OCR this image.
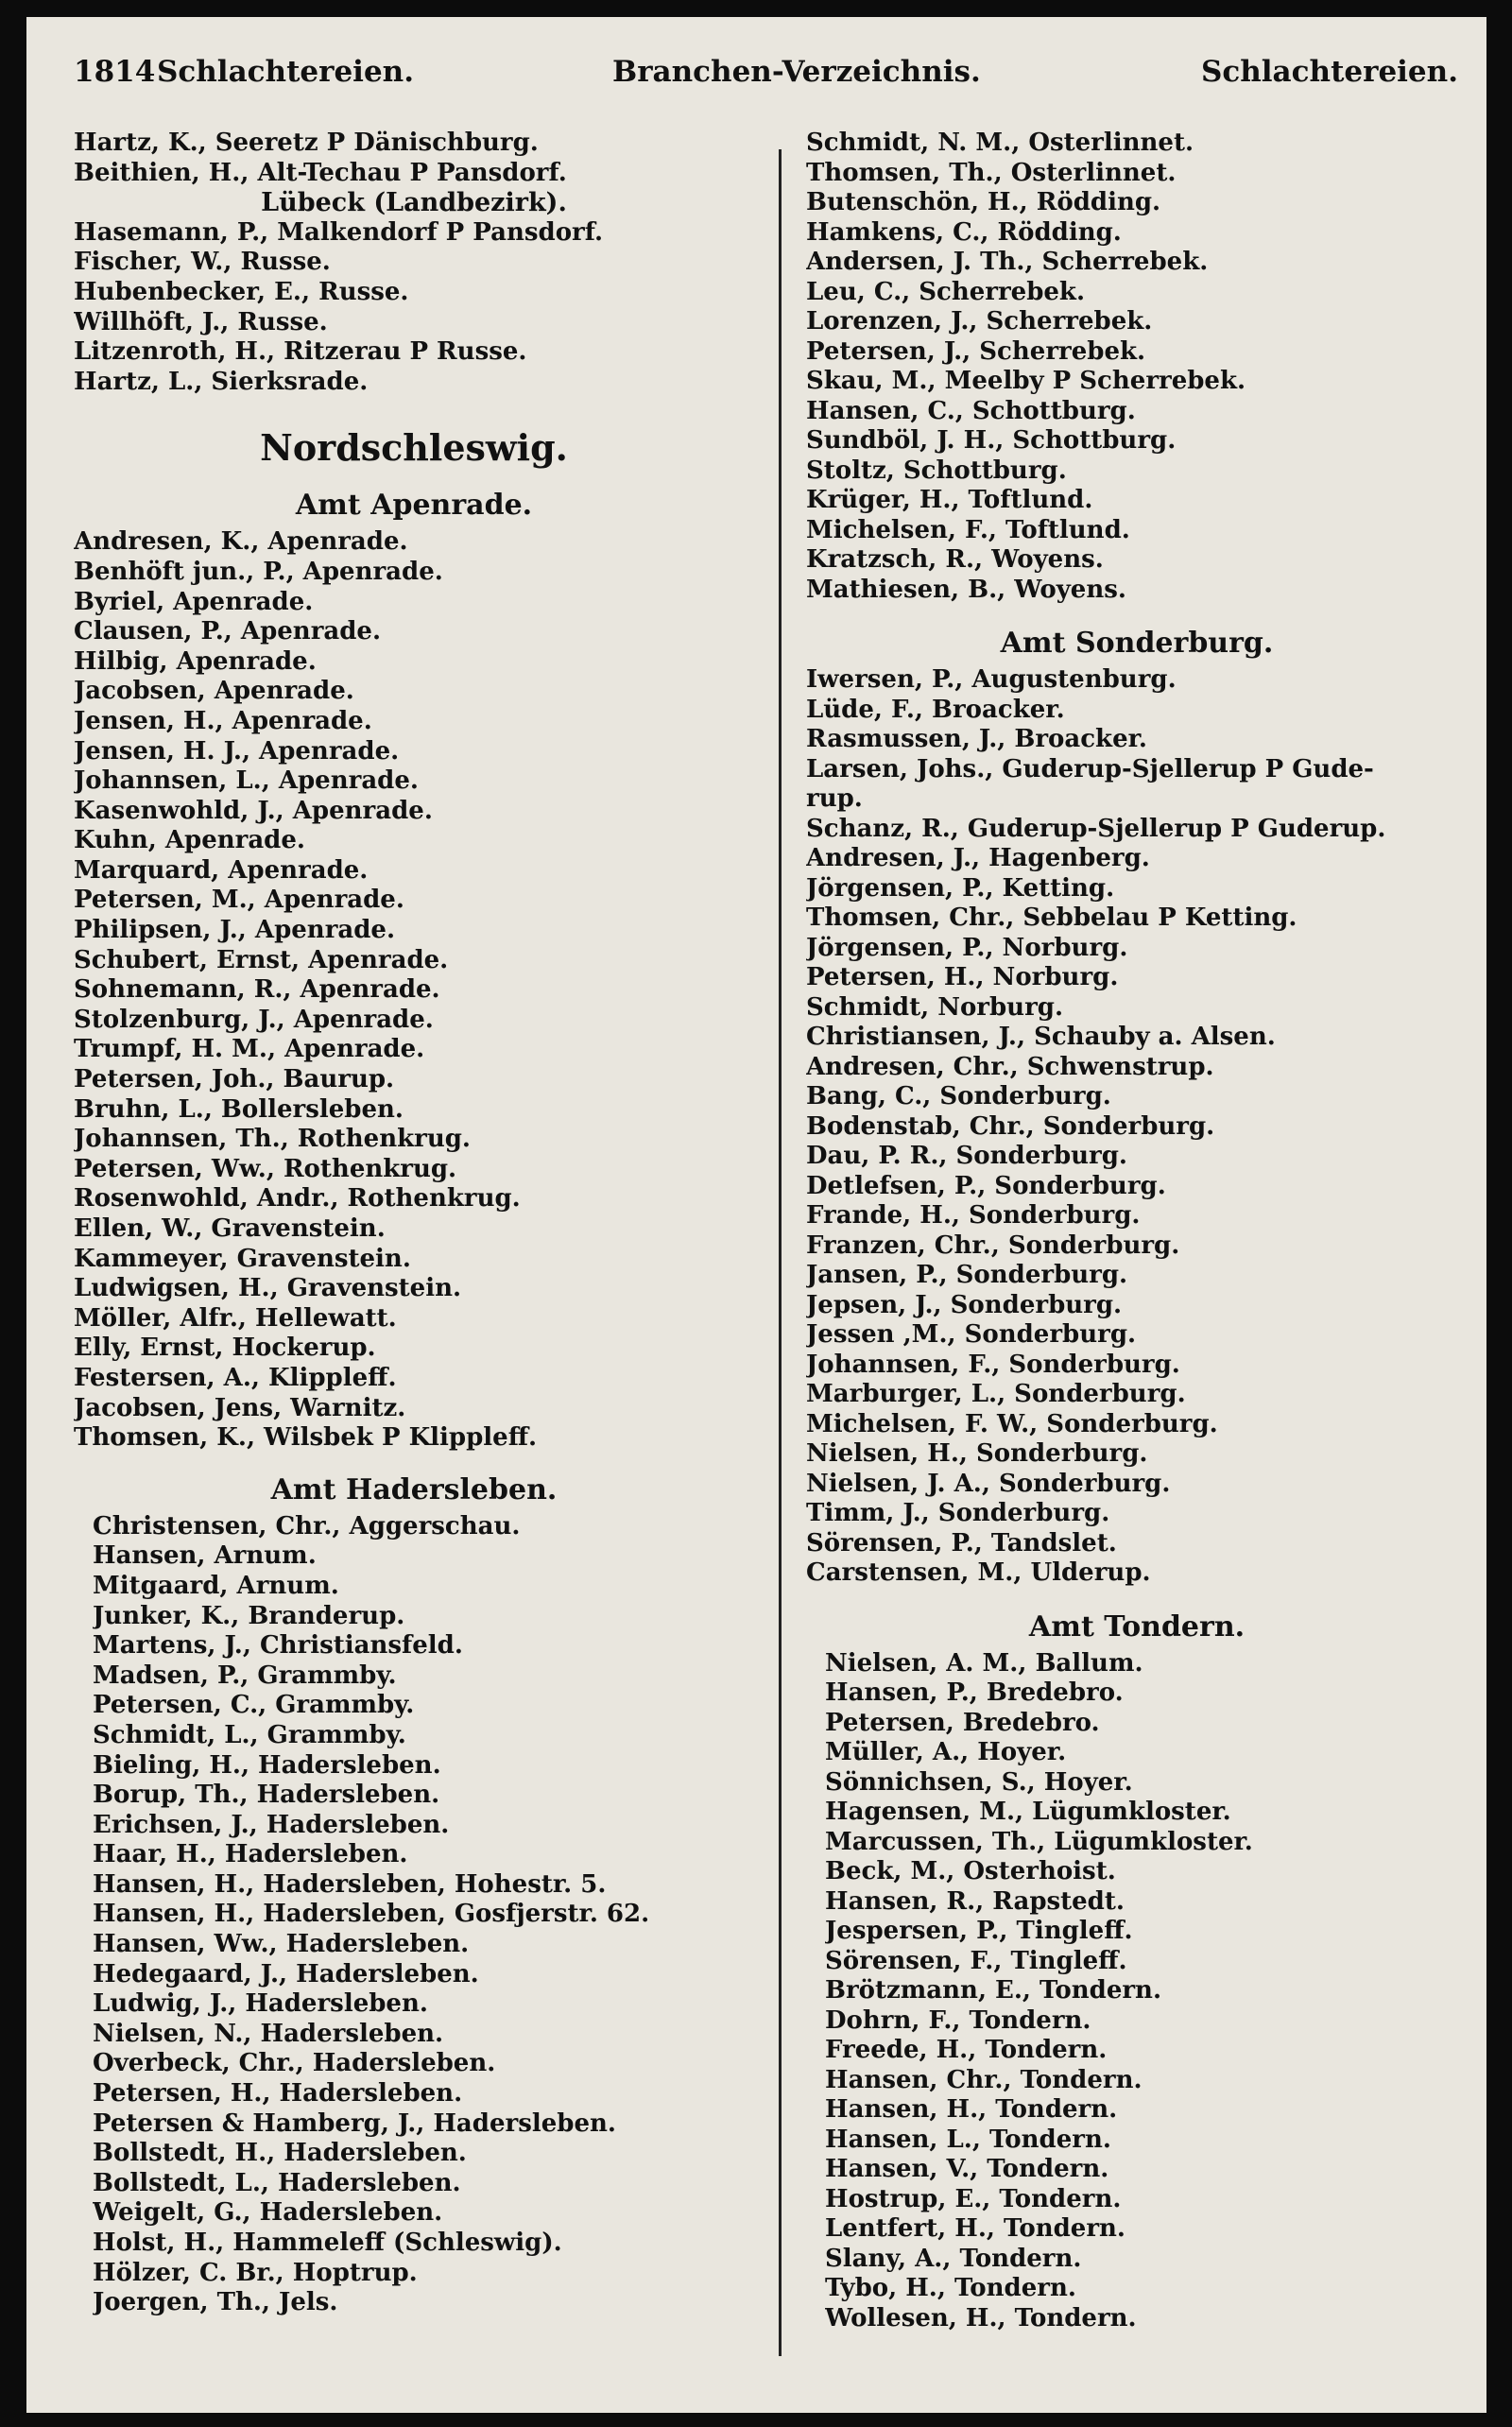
1814 Schlachtereien.	Branchen-Verzeichnis.	Schlachtereien.
Hartz, K., Seeretz P Dänischburg.
Beithien, H., Alt-Techau P Pansdorf.
Lübeck (Landbezirk).
Hasemann, P., Malkendorf P Pansdorf.
Fischer, W., Russe.
Hubenbecker, E., Russe.
Willhöft, J., Russe.
Litzenroth, H., Ritzerau P Russe.
Hartz, L., Sierksrade.
Nordschleswig.
Amt Apenrade.
Andresen, K., Apenrade.
Benhöft jun., P., Apenrade.
Byriel, Apenrade.
Clausen, P., Apenrade.
Hilbig, Apenrade.
Jacobsen, Apenrade.
Jensen, H., Apenrade.
Jensen, H. J., Apenrade.
Johannsen, L., Apenrade.
Kasenwohld, J., Apenrade.
Kuhn, Apenrade.
Marquard, Apenrade.
Petersen, M., Apenrade.
Philipsen, J., Apenrade.
Schubert, Ernst, Apenrade.
Sohnemann, R., Apenrade.
Stolzenburg, J., Apenrade.
Trumpf, H. M., Apenrade.
Petersen, Joh., Baurup.
Bruhn, L., Bollersleben.
Johannsen, Th., Rothenkrug.
Petersen, Ww., Rothenkrug.
Rosenwohld, Andr., Rothenkrug.
Ellen, W., Gravenstein.
Kammeyer, Gravenstein.
Ludwigsen, H., Gravenstein.
Möller, Alfr., Hellewatt.
Elly, Ernst, Hockerup.
Festersen, A., Klippleff.
Jacobsen, Jens, Warnitz.
Thomsen, K., Wilsbek P Klippleff.
Amt Hadersleben.
Christensen, Chr., Aggerschau.
Hansen, Arnum.
Mitgaard, Arnum.
Junker, K., Branderup.
Martens, J., Christiansfeld.
Madsen, P., Grammby.
Petersen, C., Grammby.
Schmidt, L., Grammby.
Bieling, H., Hadersleben.
Borup, Th., Hadersleben.
Erichsen, J., Hadersleben.
Haar, H., Hadersleben.
Hansen, H., Hadersleben, Hohestr. 5.
Hansen, H., Hadersleben, Gosfjerstr. 62.
Hansen, Ww., Hadersleben.
Hedegaard, J., Hadersleben.
Ludwig, J., Hadersleben.
Nielsen, N., Hadersleben.
Overbeck, Chr., Hadersleben.
Petersen, H., Hadersleben.
Petersen & Hamberg, J., Hadersleben.
Bollstedt, H., Hadersleben.
Bollstedt, L., Hadersleben.
Weigelt, G., Hadersleben.
Holst, H., Hammeleff (Schleswig).
Hölzer, C. Br., Hoptrup.
Joergen, Th., Jels.
Schmidt, N. M., Osterlinnet.
Thomsen, Th., Osterlinnet.
Butenschön, H., Rödding.
Hamkens, C., Rödding.
Andersen, J. Th., Scherrebek.
Leu, C., Scherrebek.
Lorenzen, J., Scherrebek.
Petersen, J., Scherrebek.
Skau, M., Meelby P Scherrebek.
Hansen, C., Schottburg.
Sundböl, J. H., Schottburg.
Stoltz, Schottburg.
Krüger, H., Toftlund.
Michelsen, F., Toftlund.
Kratzsch, R., Woyens.
Mathiesen, B., Woyens.
Amt Sonderburg.
Iwersen, P., Augustenburg.
Lüde, F., Broacker.
Rasmussen, J., Broacker.
Larsen, Johs., Guderup-Sjellerup P Gude-
rup.
Schanz, R., Guderup-Sjellerup P Guderup.
Andresen, J., Hagenberg.
Jörgensen, P., Ketting.
Thomsen, Chr., Sebbelau P Ketting.
Jörgensen, P., Norburg.
Petersen, H., Norburg.
Schmidt, Norburg.
Christiansen, J., Schauby a. Alsen.
Andresen, Chr., Schwenstrup.
Bang, C., Sonderburg.
Bodenstab, Chr., Sonderburg.
Dau, P. R., Sonderburg.
Detlefsen, P., Sonderburg.
Frande, H., Sonderburg.
Franzen, Chr., Sonderburg.
Jansen, P., Sonderburg.
Jepsen, J., Sonderburg.
Jessen ,M., Sonderburg.
Johannsen, F., Sonderburg.
Marburger, L., Sonderburg.
Michelsen, F. W., Sonderburg.
Nielsen, H., Sonderburg.
Nielsen, J. A., Sonderburg.
Timm, J., Sonderburg.
Sörensen, P., Tandslet.
Carstensen, M., Ulderup.
Amt Tondern.
Nielsen, A. M., Ballum.
Hansen, P., Bredebro.
Petersen, Bredebro.
Müller, A., Hoyer.
Sönnichsen, S., Hoyer.
Hagensen, M., Lügumkloster.
Marcussen, Th., Lügumkloster.
Beck, M., Osterhoist.
Hansen, R., Rapstedt.
Jespersen, P., Tingleff.
Sörensen, F., Tingleff.
Brötzmann, E., Tondern.
Dohrn, F., Tondern.
Freede, H., Tondern.
Hansen, Chr., Tondern.
Hansen, H., Tondern.
Hansen, L., Tondern.
Hansen, V., Tondern.
Hostrup, E., Tondern.
Lentfert, H., Tondern.
Slany, A., Tondern.
Tybo, H., Tondern.
Wollesen, H., Tondern.
